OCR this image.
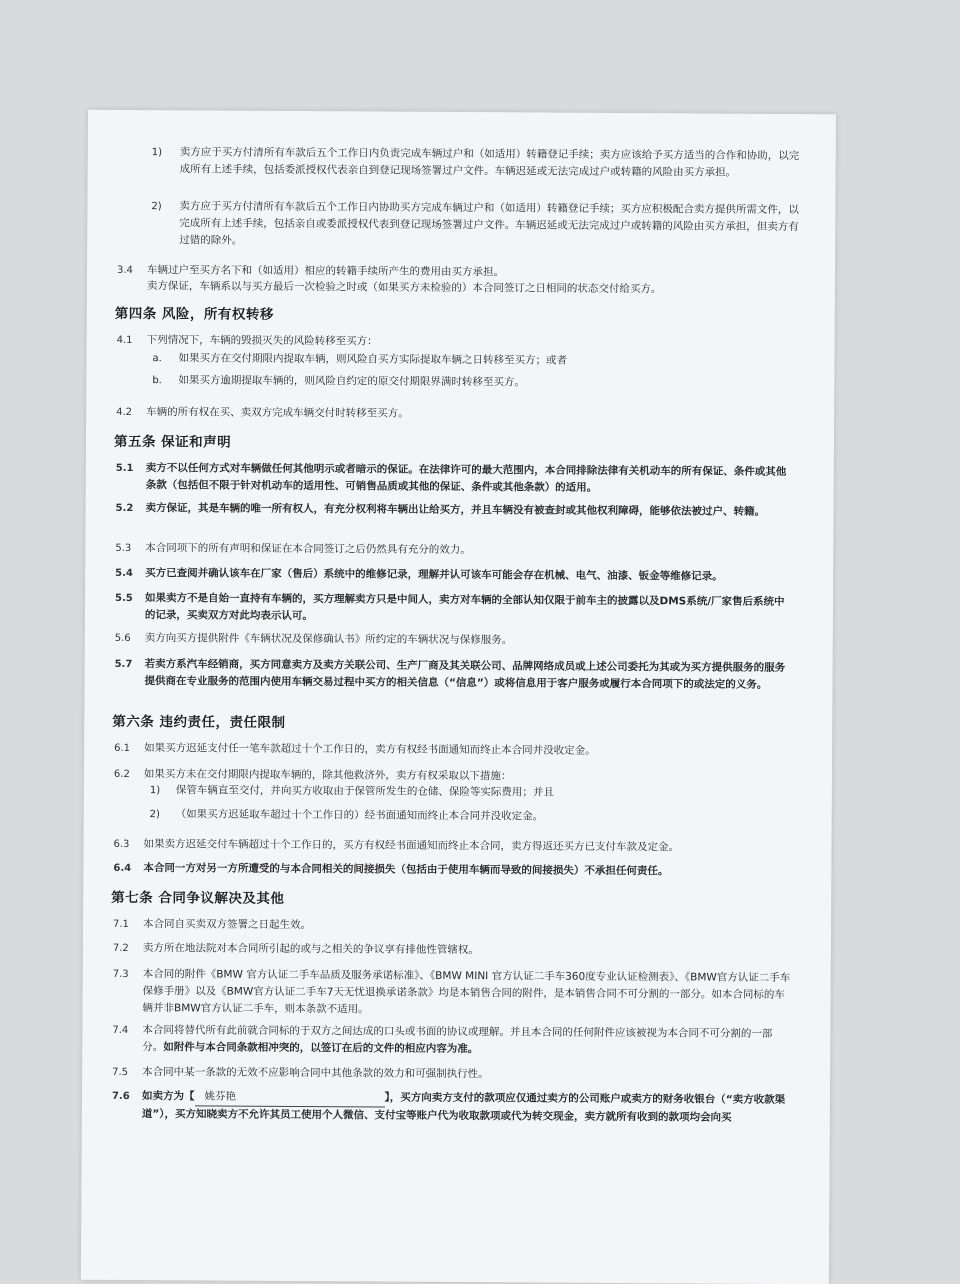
1)	卖方应于买方付清所有车款后五个工作日内负责完成车辆过户和（如适用）转籍登记手续；卖方应该给予买方适当的合作和协助，以完成所有上述手续，包括委派授权代表亲自到登记现场签署过户文件。车辆迟延或无法完成过户或转籍的风险由买方承担。
2)	卖方应于买方付清所有车款后五个工作日内协助买方完成车辆过户和（如适用）转籍登记手续；买方应积极配合卖方提供所需文件，以完成所有上述手续，包括亲自或委派授权代表到登记现场签署过户文件。车辆迟延或无法完成过户或转籍的风险由买方承担，但卖方有过错的除外。
3.4	车辆过户至买方名下和（如适用）相应的转籍手续所产生的费用由买方承担。
卖方保证，车辆系以与买方最后一次检验之时或（如果买方未检验的）本合同签订之日相同的状态交付给买方。
第四条 风险，所有权转移
4.1	下列情况下，车辆的毁损灭失的风险转移至买方：
a.	如果买方在交付期限内提取车辆，则风险自买方实际提取车辆之日转移至买方；或者
b.	如果买方逾期提取车辆的，则风险自约定的原交付期限界满时转移至买方。
4.2	车辆的所有权在买、卖双方完成车辆交付时转移至买方。
第五条 保证和声明
5.1	卖方不以任何方式对车辆做任何其他明示或者暗示的保证。在法律许可的最大范围内，本合同排除法律有关机动车的所有保证、条件或其他条款（包括但不限于针对机动车的适用性、可销售品质或其他的保证、条件或其他条款）的适用。
5.2	卖方保证，其是车辆的唯一所有权人，有充分权利将车辆出让给买方，并且车辆没有被查封或其他权利障碍，能够依法被过户、转籍。
5.3	本合同项下的所有声明和保证在本合同签订之后仍然具有充分的效力。
5.4	买方已查阅并确认该车在厂家（售后）系统中的维修记录，理解并认可该车可能会存在机械、电气、油漆、钣金等维修记录。
5.5	如果卖方不是自始一直持有车辆的，买方理解卖方只是中间人，卖方对车辆的全部认知仅限于前车主的披露以及DMS系统/厂家售后系统中的记录，买卖双方对此均表示认可。
5.6	卖方向买方提供附件《车辆状况及保修确认书》所约定的车辆状况与保修服务。
5.7	若卖方系汽车经销商，买方同意卖方及卖方关联公司、生产厂商及其关联公司、品牌网络成员或上述公司委托为其或为买方提供服务的服务提供商在专业服务的范围内使用车辆交易过程中买方的相关信息（“信息”）或将信息用于客户服务或履行本合同项下的或法定的义务。
第六条 违约责任，责任限制
6.1	如果买方迟延支付任一笔车款超过十个工作日的，卖方有权经书面通知而终止本合同并没收定金。
6.2	如果买方未在交付期限内提取车辆的，除其他救济外，卖方有权采取以下措施：
1)	保管车辆直至交付，并向买方收取由于保管所发生的仓储、保险等实际费用；并且
2)	（如果买方迟延取车超过十个工作日的）经书面通知而终止本合同并没收定金。
6.3	如果卖方迟延交付车辆超过十个工作日的，买方有权经书面通知而终止本合同，卖方得返还买方已支付车款及定金。
6.4	本合同一方对另一方所遭受的与本合同相关的间接损失（包括由于使用车辆而导致的间接损失）不承担任何责任。
第七条 合同争议解决及其他
7.1	本合同自买卖双方签署之日起生效。
7.2	卖方所在地法院对本合同所引起的或与之相关的争议享有排他性管辖权。
7.3	本合同的附件《BMW 官方认证二手车品质及服务承诺标准》、《BMW MINI 官方认证二手车360度专业认证检测表》、《BMW官方认证二手车保修手册》以及《BMW官方认证二手车7天无忧退换承诺条款》均是本销售合同的附件，是本销售合同不可分割的一部分。如本合同标的车辆并非BMW官方认证二手车，则本条款不适用。
7.4	本合同将替代所有此前就合同标的于双方之间达成的口头或书面的协议或理解。并且本合同的任何附件应该被视为本合同不可分割的一部分。如附件与本合同条款相冲突的，以签订在后的文件的相应内容为准。
7.5	本合同中某一条款的无效不应影响合同中其他条款的效力和可强制执行性。
7.6	如卖方为【 姚芬艳	】，买方向卖方支付的款项应仅通过卖方的公司账户或卖方的财务收银台（“卖方收款渠道”），买方知晓卖方不允许其员工使用个人微信、支付宝等账户代为收取款项或代为转交现金，卖方就所有收到的款项均会向买
